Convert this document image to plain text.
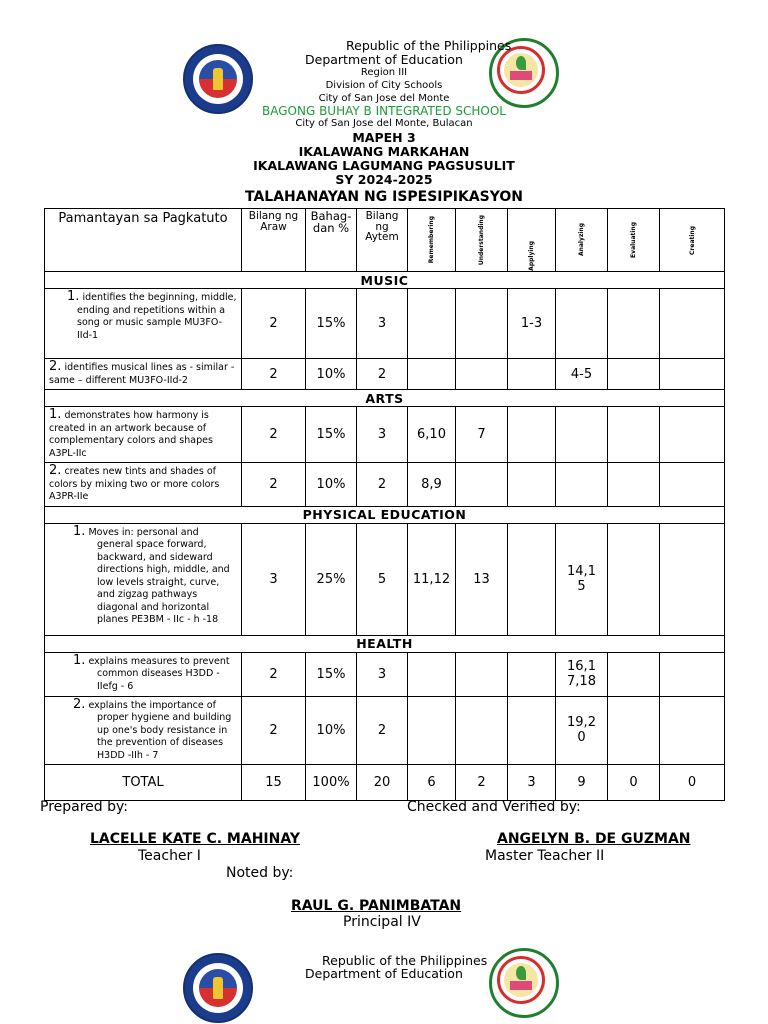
Republic of the Philippines
Department of Education
Region III
Division of City Schools
City of San Jose del Monte
BAGONG BUHAY B INTEGRATED SCHOOL
City of San Jose del Monte, Bulacan
MAPEH 3
IKALAWANG MARKAHAN
IKALAWANG LAGUMANG PAGSUSULIT
SY 2024-2025
TALAHANAYAN NG ISPESIPIKASYON
Pamantayan sa Pagkatuto	Bilang ng Araw	Bahag-dan %	Bilang ng Aytem	Remembering	Understanding	Applying	Analyzing	Evaluating	Creating

MUSIC									
1. identifies the beginning, middle, ending and repetitions within a song or music sample MU3FO-IId-1	2	15%	3			1-3			
2. identifies musical lines as - similar - same – different MU3FO-IId-2	2	10%	2				4-5		
ARTS									
1. demonstrates how harmony is created in an artwork because of complementary colors and shapes A3PL-IIc	2	15%	3	6,10	7				
2. creates new tints and shades of colors by mixing two or more colors A3PR-IIe	2	10%	2	8,9					
PHYSICAL EDUCATION									
1. Moves in: personal and general space forward, backward, and sideward directions high, middle, and low levels straight, curve, and zigzag pathways diagonal and horizontal planes PE3BM - IIc - h -18	3	25%	5	11,12	13		14,15		
HEALTH									
1. explains measures to prevent common diseases H3DD -IIefg - 6	2	15%	3				16,17,18		
2. explains the importance of proper hygiene and building up one's body resistance in the prevention of diseases H3DD -IIh - 7	2	10%	2				19,20		
TOTAL	15	100%	20	6	2	3	9	0	0
Prepared by:	Checked and Verified by:
LACELLE KATE C. MAHINAY	ANGELYN B. DE GUZMAN
Teacher I	Master Teacher II
Noted by:
RAUL G. PANIMBATAN
Principal IV
Republic of the Philippines
Department of Education
